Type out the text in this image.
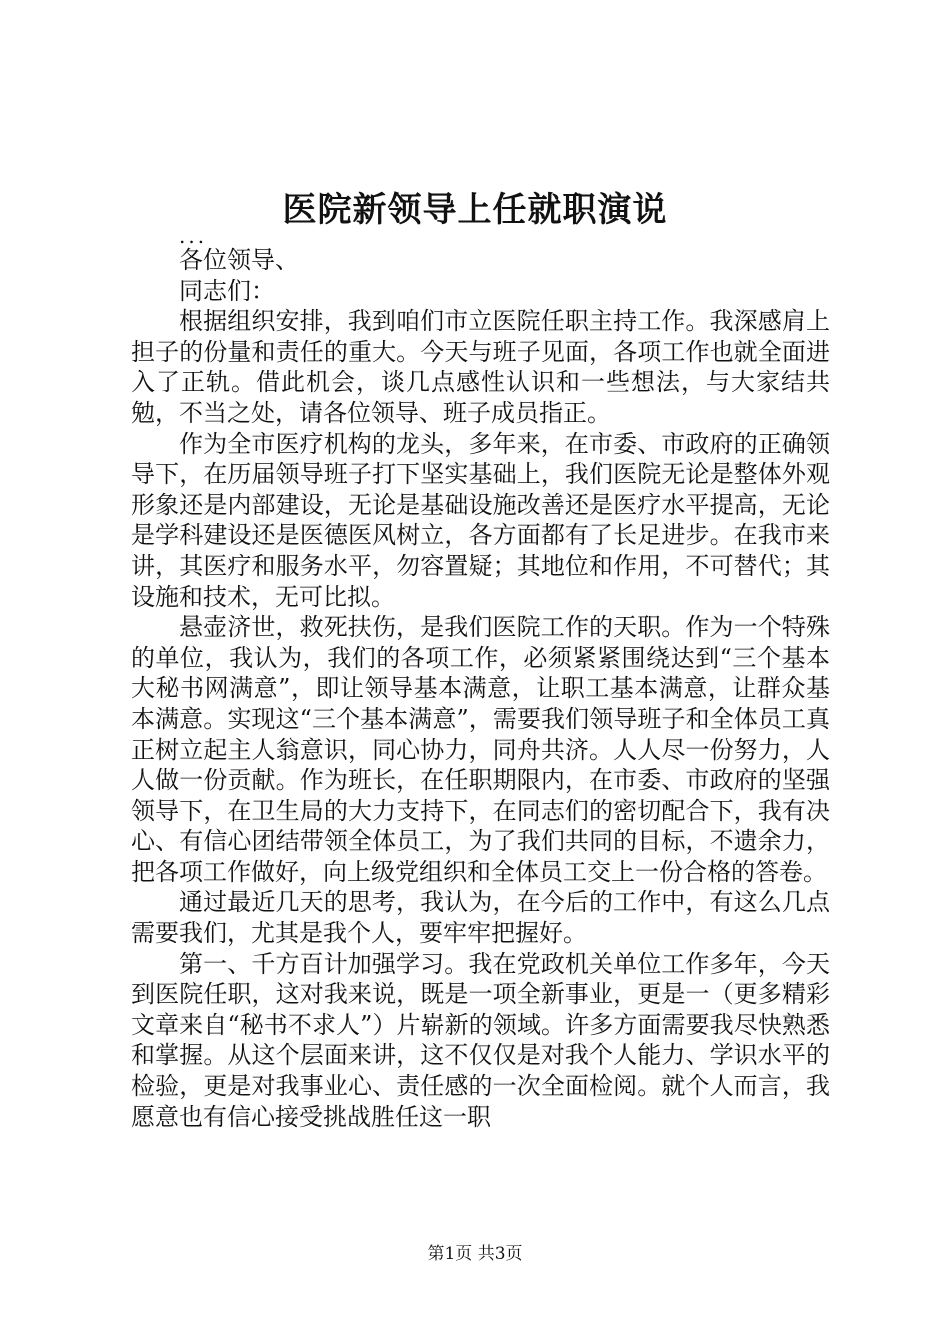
医院新领导上任就职演说
...

各位领导、

同志们：

根据组织安排，我到咱们市立医院任职主持工作。我深感肩上担子的份量和责任的重大。今天与班子见面，各项工作也就全面进入了正轨。借此机会，谈几点感性认识和一些想法，与大家结共勉，不当之处，请各位领导、班子成员指正。

作为全市医疗机构的龙头，多年来，在市委、市政府的正确领导下，在历届领导班子打下坚实基础上，我们医院无论是整体外观形象还是内部建设，无论是基础设施改善还是医疗水平提高，无论是学科建设还是医德医风树立，各方面都有了长足进步。在我市来讲，其医疗和服务水平，勿容置疑；其地位和作用，不可替代；其设施和技术，无可比拟。

悬壶济世，救死扶伤，是我们医院工作的天职。作为一个特殊的单位，我认为，我们的各项工作，必须紧紧围绕达到“三个基本大秘书网满意”，即让领导基本满意，让职工基本满意，让群众基本满意。实现这“三个基本满意”，需要我们领导班子和全体员工真正树立起主人翁意识，同心协力，同舟共济。人人尽一份努力，人人做一份贡献。作为班长，在任职期限内，在市委、市政府的坚强领导下，在卫生局的大力支持下，在同志们的密切配合下，我有决心、有信心团结带领全体员工，为了我们共同的目标，不遗余力，把各项工作做好，向上级党组织和全体员工交上一份合格的答卷。

通过最近几天的思考，我认为，在今后的工作中，有这么几点需要我们，尤其是我个人，要牢牢把握好。

第一、千方百计加强学习。我在党政机关单位工作多年，今天到医院任职，这对我来说，既是一项全新事业，更是一（更多精彩文章来自“秘书不求人”）片崭新的领域。许多方面需要我尽快熟悉和掌握。从这个层面来讲，这不仅仅是对我个人能力、学识水平的检验，更是对我事业心、责任感的一次全面检阅。就个人而言，我愿意也有信心接受挑战胜任这一职

第1页 共3页
